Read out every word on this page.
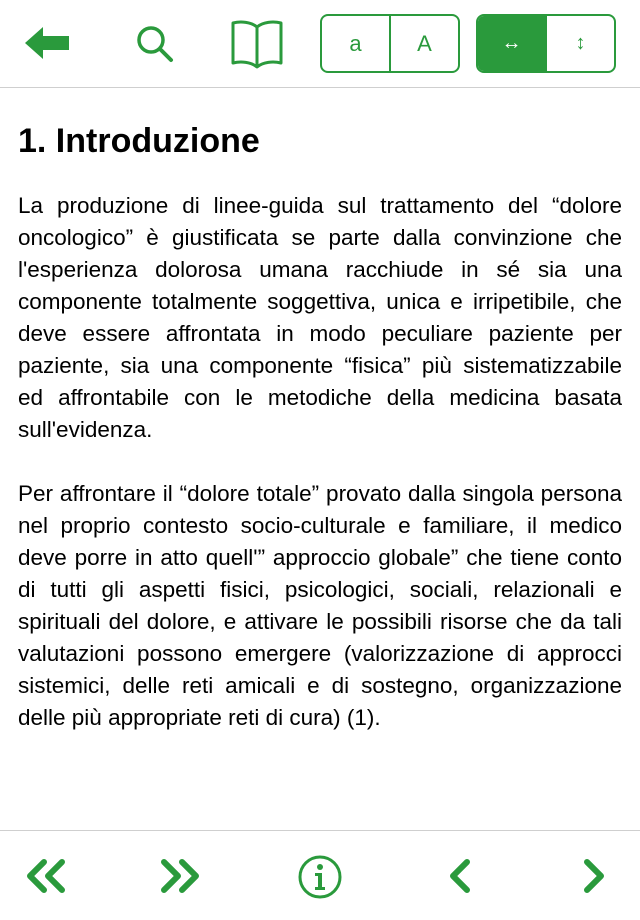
a	A	↔	↕
1. Introduzione

La produzione di linee-guida sul trattamento del “dolore oncologico” è giustificata se parte dalla convinzione che l'esperienza dolorosa umana racchiude in sé sia una componente totalmente soggettiva, unica e irripetibile, che deve essere affrontata in modo peculiare paziente per paziente, sia una componente “fisica” più sistematizzabile ed affrontabile con le metodiche della medicina basata sull'evidenza.

Per affrontare il “dolore totale” provato dalla singola persona nel proprio contesto socio-culturale e familiare, il medico deve porre in atto quell'” approccio globale” che tiene conto di tutti gli aspetti fisici, psicologici, sociali, relazionali e spirituali del dolore, e attivare le possibili risorse che da tali valutazioni possono emergere (valorizzazione di approcci sistemici, delle reti amicali e di sostegno, organizzazione delle più appropriate reti di cura) (1).
